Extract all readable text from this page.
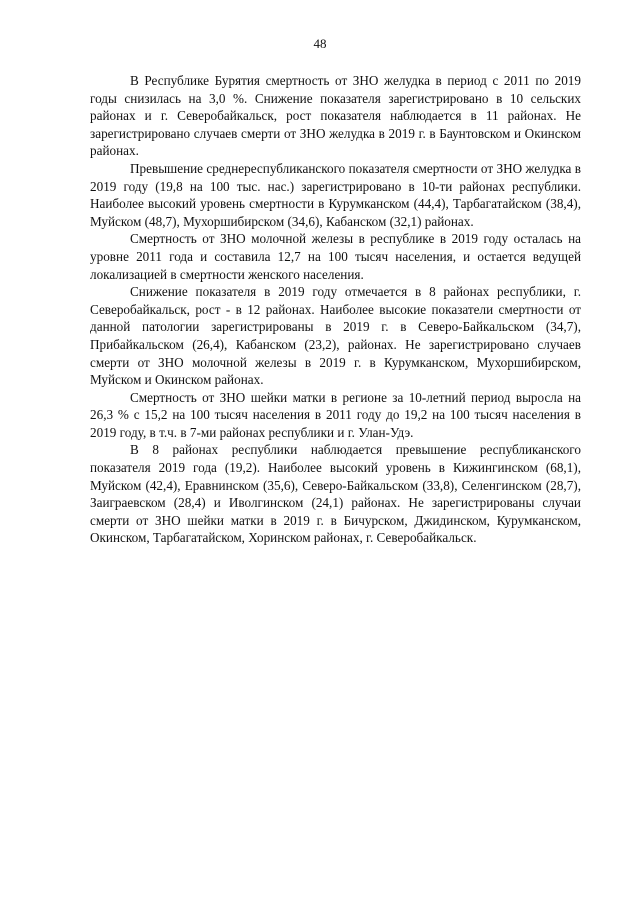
48

В Республике Бурятия смертность от ЗНО желудка в период с 2011 по 2019 годы снизилась на 3,0 %. Снижение показателя зарегистрировано в 10 сельских районах и г. Северобайкальск, рост показателя наблюдается в 11 районах. Не зарегистрировано случаев смерти от ЗНО желудка в 2019 г. в Баунтовском и Окинском районах.

Превышение среднереспубликанского показателя смертности от ЗНО желудка в 2019 году (19,8 на 100 тыс. нас.) зарегистрировано в 10-ти районах республики. Наиболее высокий уровень смертности в Курумканском (44,4), Тарбагатайском (38,4), Муйском (48,7), Мухоршибирском (34,6), Кабанском (32,1) районах.

Смертность от ЗНО молочной железы в республике в 2019 году осталась на уровне 2011 года и составила 12,7 на 100 тысяч населения, и остается ведущей локализацией в смертности женского населения.

Снижение показателя в 2019 году отмечается в 8 районах республики, г. Северобайкальск, рост - в 12 районах. Наиболее высокие показатели смертности от данной патологии зарегистрированы в 2019 г. в Северо-Байкальском (34,7), Прибайкальском (26,4), Кабанском (23,2), районах. Не зарегистрировано случаев смерти от ЗНО молочной железы в 2019 г. в Курумканском, Мухоршибирском, Муйском и Окинском районах.

Смертность от ЗНО шейки матки в регионе за 10-летний период выросла на 26,3 % с 15,2 на 100 тысяч населения в 2011 году до 19,2 на 100 тысяч населения в 2019 году, в т.ч. в 7-ми районах республики и г. Улан-Удэ.

В 8 районах республики наблюдается превышение республиканского показателя 2019 года (19,2). Наиболее высокий уровень в Кижингинском (68,1), Муйском (42,4), Еравнинском (35,6), Северо-Байкальском (33,8), Селенгинском (28,7), Заиграевском (28,4) и Иволгинском (24,1) районах. Не зарегистрированы случаи смерти от ЗНО шейки матки в 2019 г. в Бичурском, Джидинском, Курумканском, Окинском, Тарбагатайском, Хоринском районах, г. Северобайкальск.
